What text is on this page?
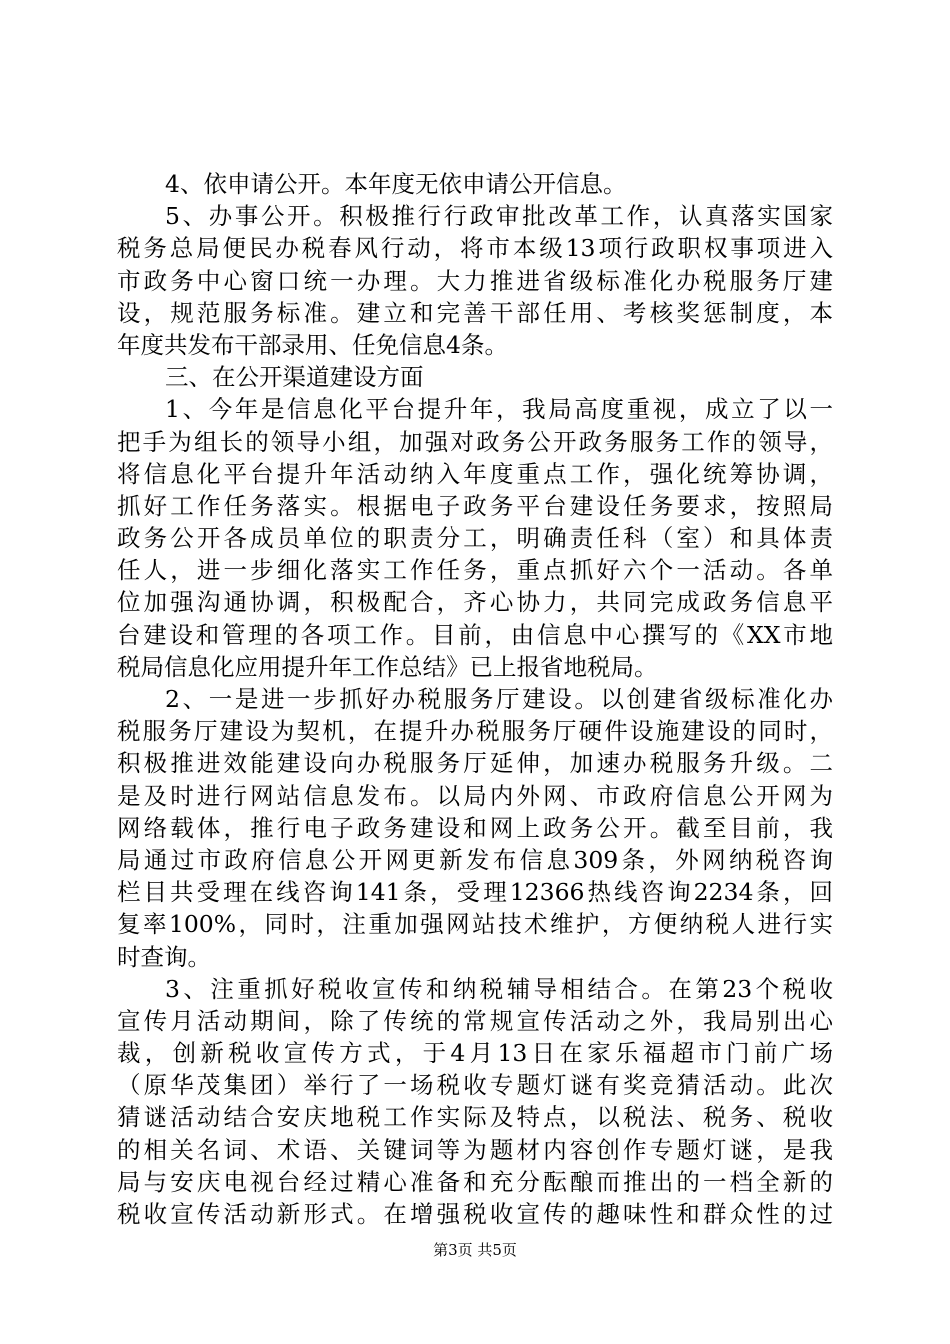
4、依申请公开。本年度无依申请公开信息。
5、办事公开。积极推行行政审批改革工作，认真落实国家
税务总局便民办税春风行动，将市本级13项行政职权事项进入
市政务中心窗口统一办理。大力推进省级标准化办税服务厅建
设，规范服务标准。建立和完善干部任用、考核奖惩制度，本
年度共发布干部录用、任免信息4条。
三、在公开渠道建设方面
1、今年是信息化平台提升年，我局高度重视，成立了以一
把手为组长的领导小组，加强对政务公开政务服务工作的领导，
将信息化平台提升年活动纳入年度重点工作，强化统筹协调，
抓好工作任务落实。根据电子政务平台建设任务要求，按照局
政务公开各成员单位的职责分工，明确责任科（室）和具体责
任人，进一步细化落实工作任务，重点抓好六个一活动。各单
位加强沟通协调，积极配合，齐心协力，共同完成政务信息平
台建设和管理的各项工作。目前，由信息中心撰写的《XX市地
税局信息化应用提升年工作总结》已上报省地税局。
2、一是进一步抓好办税服务厅建设。以创建省级标准化办
税服务厅建设为契机，在提升办税服务厅硬件设施建设的同时，
积极推进效能建设向办税服务厅延伸，加速办税服务升级。二
是及时进行网站信息发布。以局内外网、市政府信息公开网为
网络载体，推行电子政务建设和网上政务公开。截至目前，我
局通过市政府信息公开网更新发布信息309条，外网纳税咨询
栏目共受理在线咨询141条，受理12366热线咨询2234条，回
复率100%，同时，注重加强网站技术维护，方便纳税人进行实
时查询。
3、注重抓好税收宣传和纳税辅导相结合。在第23个税收
宣传月活动期间，除了传统的常规宣传活动之外，我局别出心
裁，创新税收宣传方式，于4月13日在家乐福超市门前广场
（原华茂集团）举行了一场税收专题灯谜有奖竞猜活动。此次
猜谜活动结合安庆地税工作实际及特点，以税法、税务、税收
的相关名词、术语、关键词等为题材内容创作专题灯谜，是我
局与安庆电视台经过精心准备和充分酝酿而推出的一档全新的
税收宣传活动新形式。在增强税收宣传的趣味性和群众性的过
第3页 共5页
